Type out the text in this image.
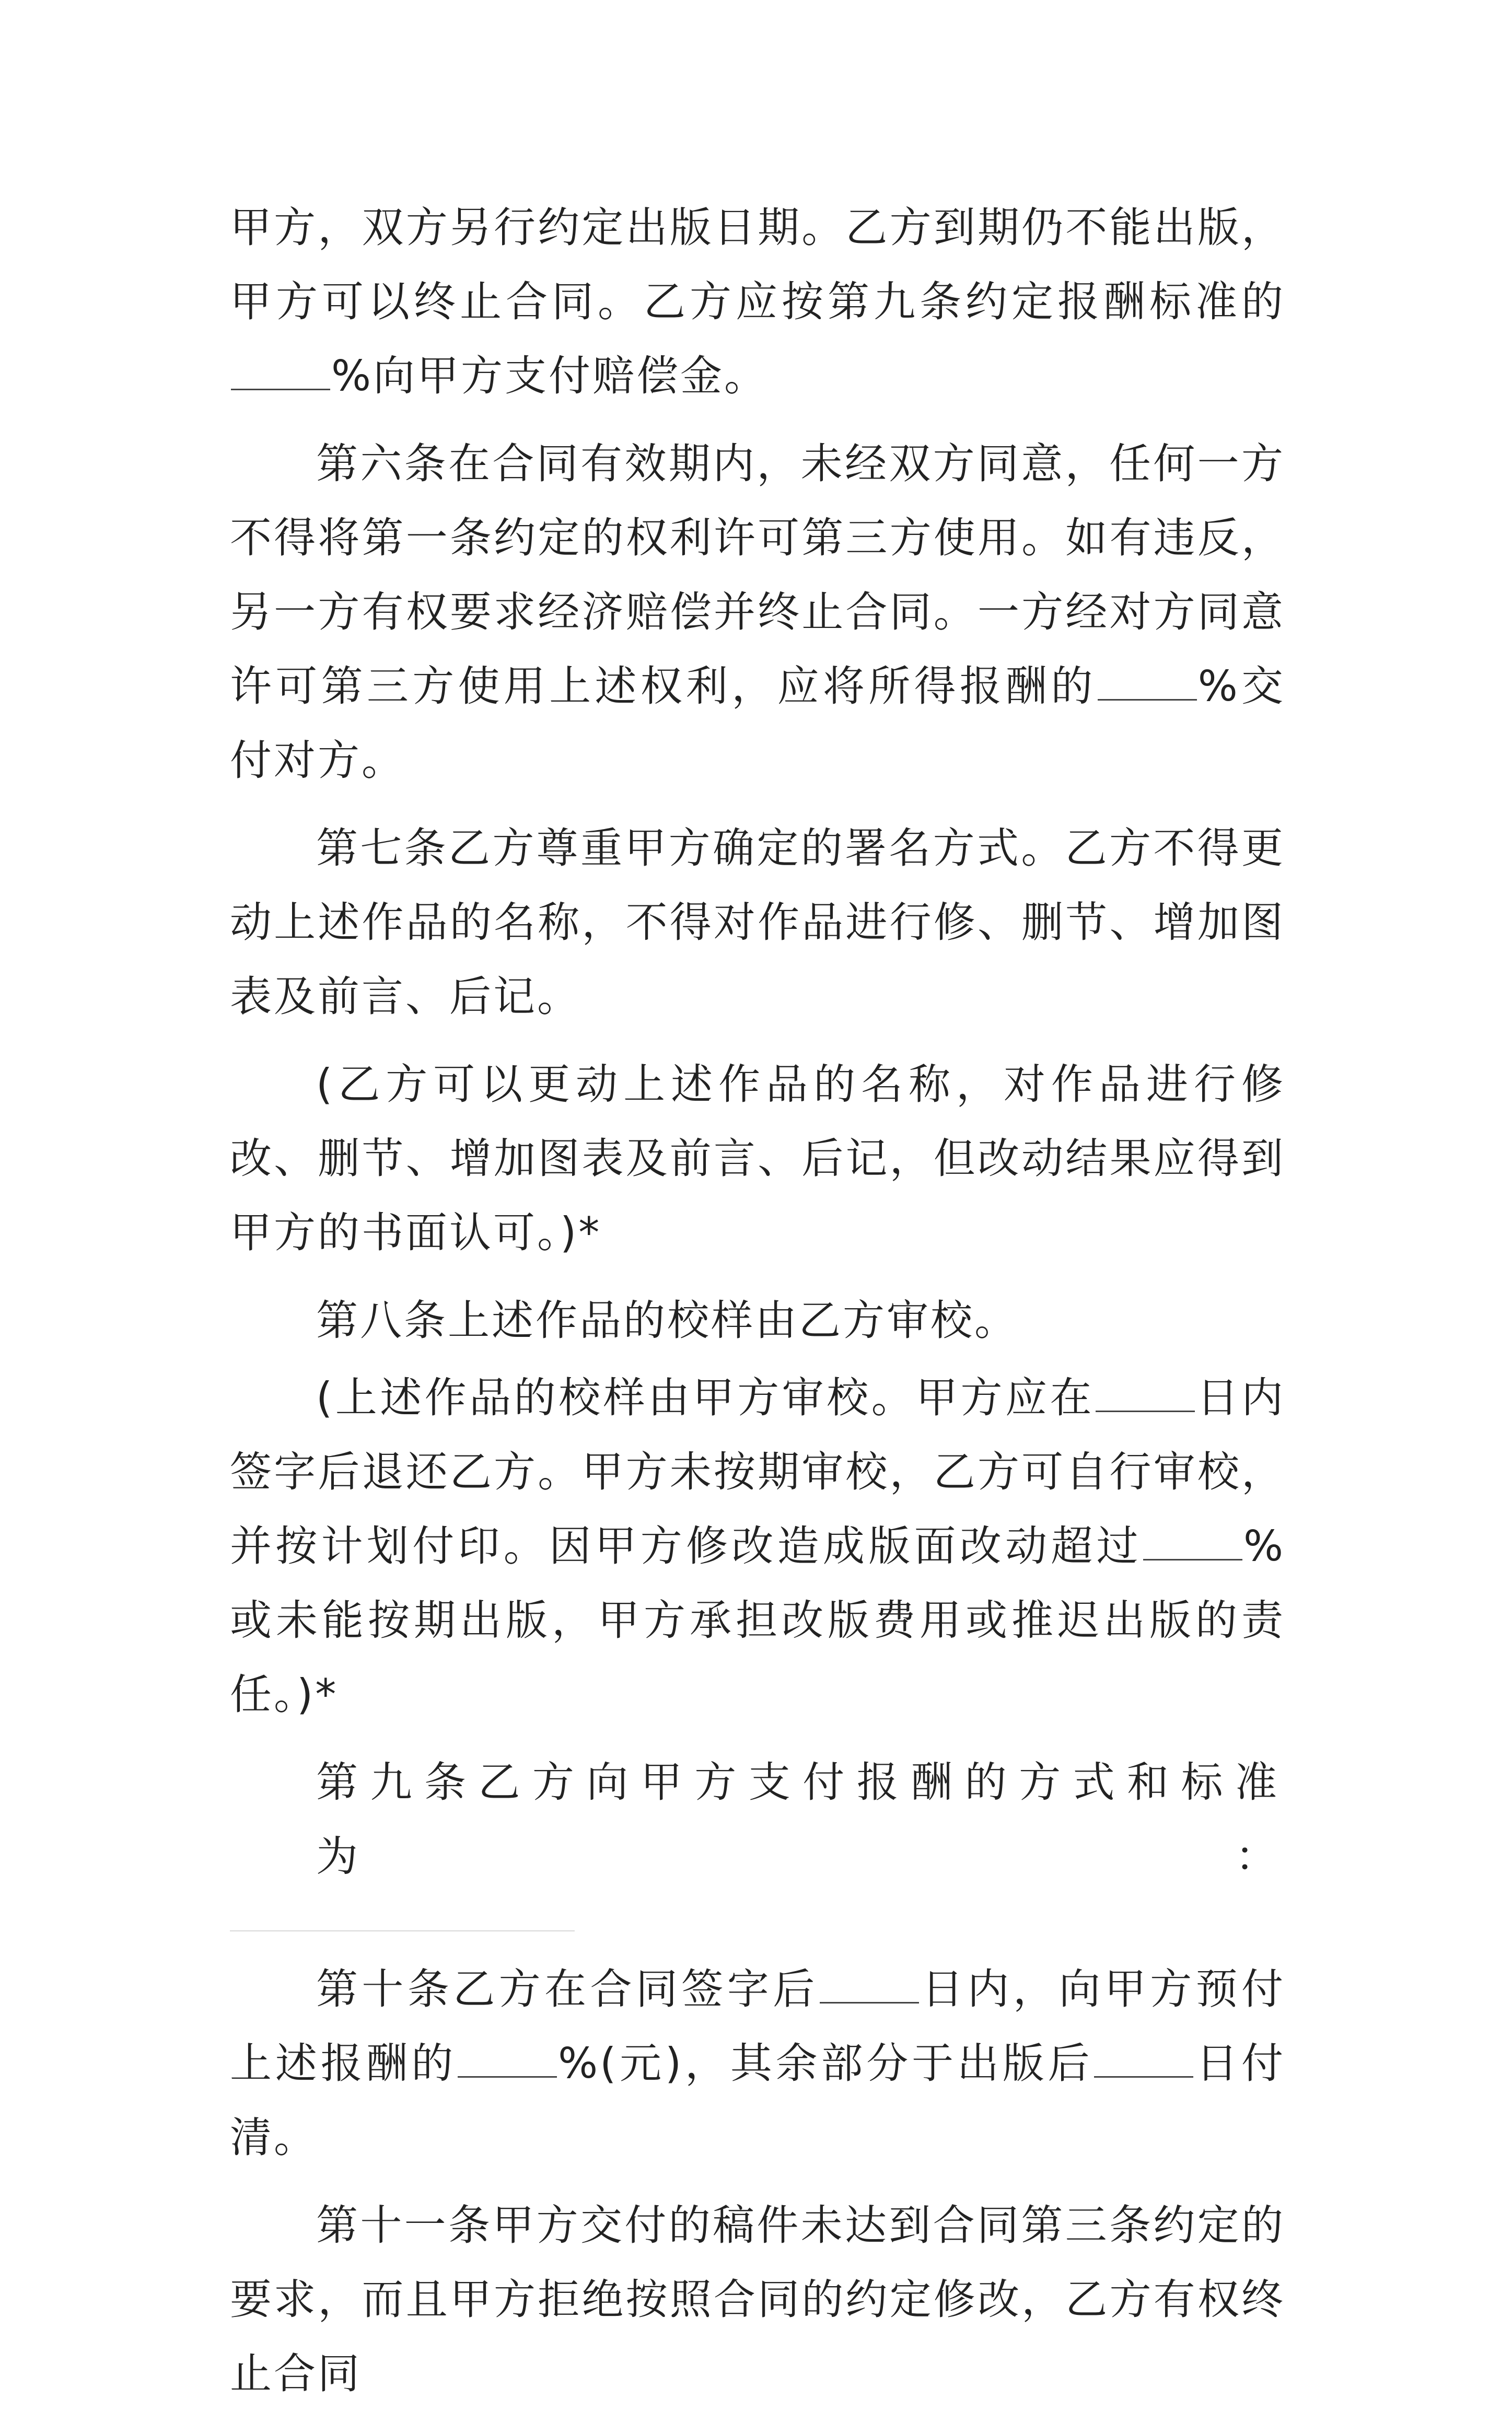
甲方，双方另行约定出版日期。乙方到期仍不能出版，甲方可以终止合同。乙方应按第九条约定报酬标准的%向甲方支付赔偿金。

第六条在合同有效期内，未经双方同意，任何一方不得将第一条约定的权利许可第三方使用。如有违反，另一方有权要求经济赔偿并终止合同。一方经对方同意许可第三方使用上述权利，应将所得报酬的 %交付对方。

第七条乙方尊重甲方确定的署名方式。乙方不得更动上述作品的名称，不得对作品进行修、删节、增加图表及前言、后记。

(乙方可以更动上述作品的名称，对作品进行修改、删节、增加图表及前言、后记，但改动结果应得到甲方的书面认可。)*

第八条上述作品的校样由乙方审校。

(上述作品的校样由甲方审校。甲方应在 日内签字后退还乙方。甲方未按期审校，乙方可自行审校，并按计划付印。因甲方修改造成版面改动超过 %或未能按期出版，甲方承担改版费用或推迟出版的责任。)*

第九条乙方向甲方支付报酬的方式和标准为：

第十条乙方在合同签字后 日内，向甲方预付上述报酬的 %(元)，其余部分于出版后 日付清。

第十一条甲方交付的稿件未达到合同第三条约定的要求，而且甲方拒绝按照合同的约定修改，乙方有权终止合同
